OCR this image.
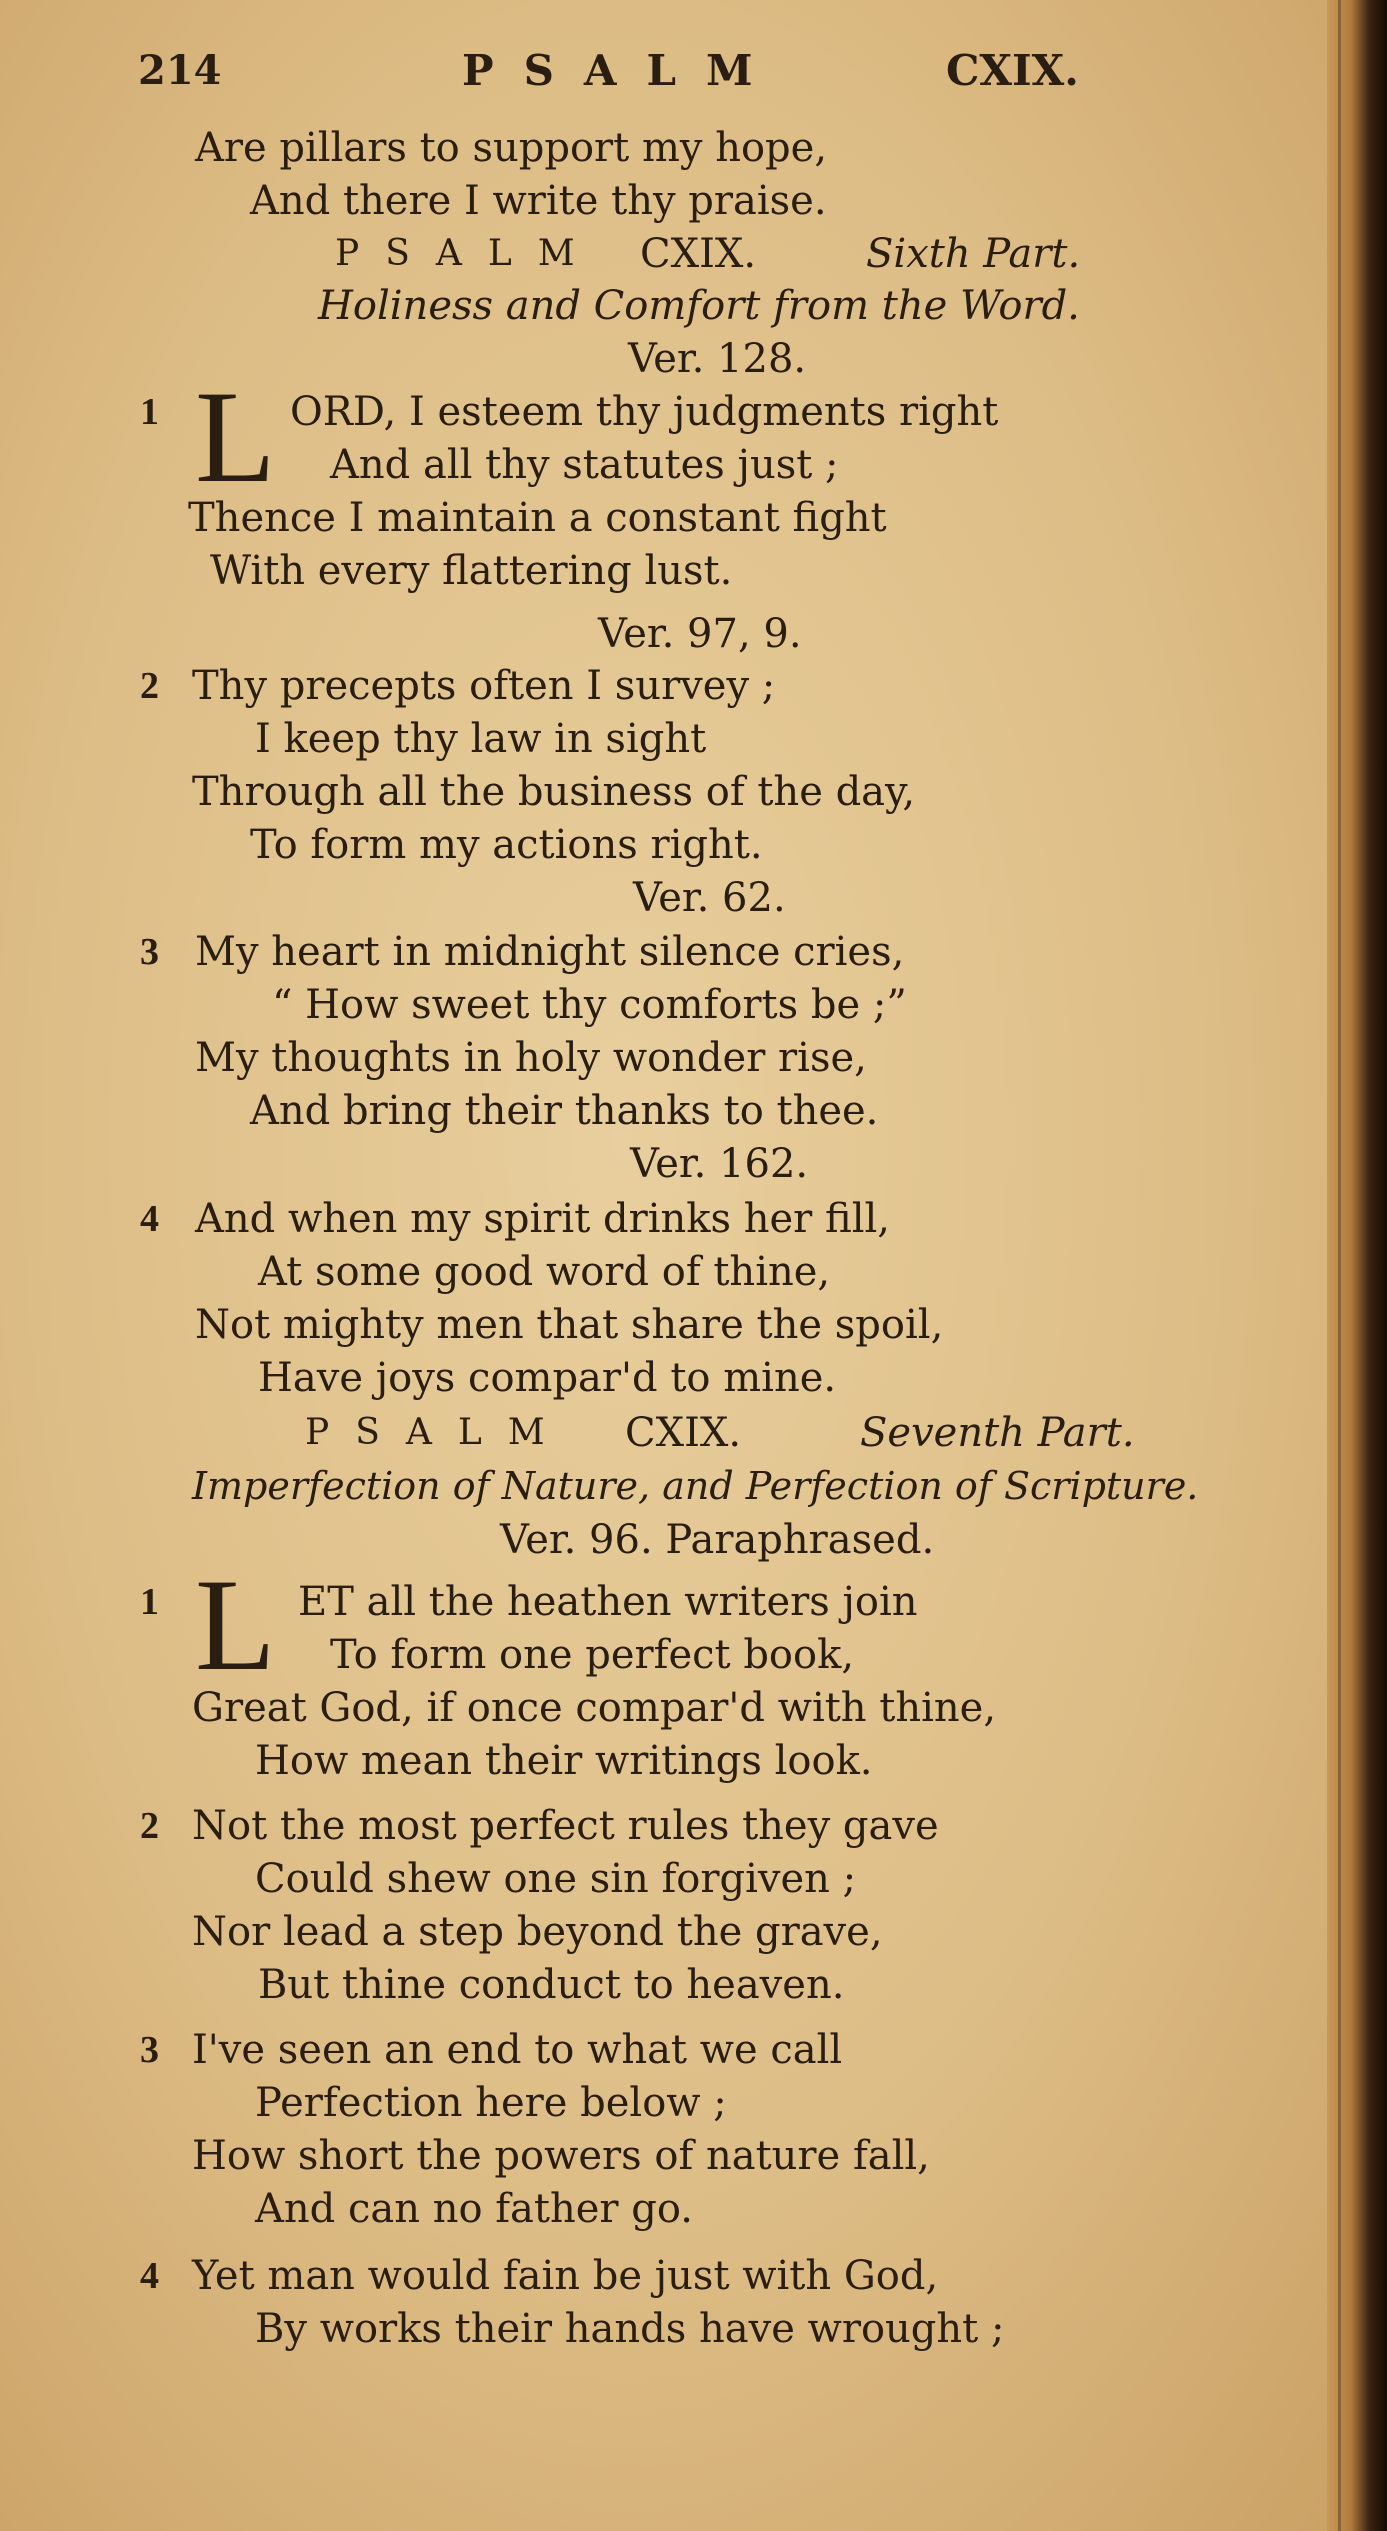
214	PSALM	CXIX.
Are pillars to support my hope,
And there I write thy praise.
PSALM CXIX.	Sixth Part.
Holiness and Comfort from the Word.
Ver. 128.
1 L ORD, I esteem thy judgments right
And all thy statutes just ;
Thence I maintain a constant fight
With every flattering lust.
Ver. 97, 9.
2 Thy precepts often I survey ;
I keep thy law in sight
Through all the business of the day,
To form my actions right.
Ver. 62.
3 My heart in midnight silence cries,
“ How sweet thy comforts be ;”
My thoughts in holy wonder rise,
And bring their thanks to thee.
Ver. 162.
4 And when my spirit drinks her fill,
At some good word of thine,
Not mighty men that share the spoil,
Have joys compar'd to mine.
PSALM CXIX.	Seventh Part.
Imperfection of Nature, and Perfection of Scripture.
Ver. 96. Paraphrased.
1 L ET all the heathen writers join
To form one perfect book,
Great God, if once compar'd with thine,
How mean their writings look.
2 Not the most perfect rules they gave
Could shew one sin forgiven ;
Nor lead a step beyond the grave,
But thine conduct to heaven.
3 I've seen an end to what we call
Perfection here below ;
How short the powers of nature fall,
And can no father go.
4 Yet man would fain be just with God,
By works their hands have wrought ;
